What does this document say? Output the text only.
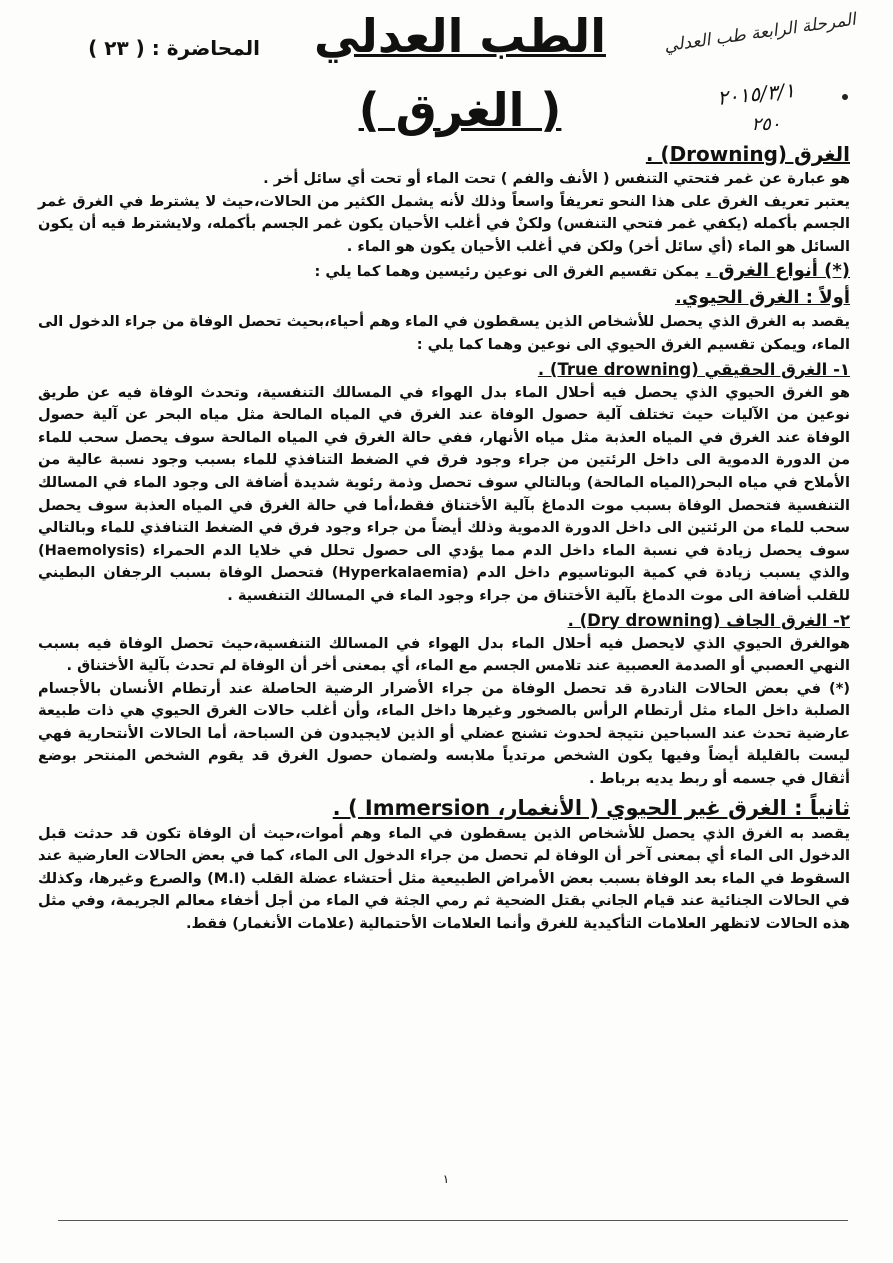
الطب العدلي
( الغرق )
المحاضرة : ( ٢٣ )	المرحلة الرابعة طب العدلي
٢٠١٥/٣/١
٢٥٠

الغرق (Drowning) .

هو عبارة عن غمر فتحتي التنفس ( الأنف والفم ) تحت الماء أو تحت أي سائل أخر .

يعتبر تعريف الغرق على هذا النحو تعريفاً واسعاً وذلك لأنه يشمل الكثير من الحالات،حيث لا يشترط في الغرق غمر الجسم بأكمله (يكفي غمر فتحي التنفس) ولكنْ في أغلب الأحيان يكون غمر الجسم بأكمله، ولايشترط فيه أن يكون السائل هو الماء (أي سائل أخر) ولكن في أغلب الأحيان يكون هو الماء .

(*) أنواع الغرق . يمكن تقسيم الغرق الى نوعين رئيسين وهما كما يلي :

أولاً : الغرق الحيوي.

يقصد به الغرق الذي يحصل للأشخاص الذين يسقطون في الماء وهم أحياء،بحيث تحصل الوفاة من جراء الدخول الى الماء، ويمكن تقسيم الغرق الحيوي الى نوعين وهما كما يلي :

١- الغرق الحقيقي (True drowning) .

هو الغرق الحيوي الذي يحصل فيه أحلال الماء بدل الهواء في المسالك التنفسية، وتحدث الوفاة فيه عن طريق نوعين من الآليات حيث تختلف آلية حصول الوفاة عند الغرق في المياه المالحة مثل مياه البحر عن آلية حصول الوفاة عند الغرق في المياه العذبة مثل مياه الأنهار، ففي حالة الغرق في المياه المالحة سوف يحصل سحب للماء من الدورة الدموية الى داخل الرئتين من جراء وجود فرق في الضغط التنافذي للماء بسبب وجود نسبة عالية من الأملاح في مياه البحر(المياه المالحة) وبالتالي سوف تحصل وذمة رئوية شديدة أضافة الى وجود الماء في المسالك التنفسية فتحصل الوفاة بسبب موت الدماغ بآلية الأختناق فقط،أما في حالة الغرق في المياه العذبة سوف يحصل سحب للماء من الرئتين الى داخل الدورة الدموية وذلك أيضاً من جراء وجود فرق في الضغط التنافذي للماء وبالتالي سوف يحصل زيادة في نسبة الماء داخل الدم مما يؤدي الى حصول تحلل في خلايا الدم الحمراء (Haemolysis) والذي يسبب زيادة في كمية البوتاسيوم داخل الدم (Hyperkalaemia) فتحصل الوفاة بسبب الرجفان البطيني للقلب أضافة الى موت الدماغ بآلية الأختناق من جراء وجود الماء في المسالك التنفسية .

٢- الغرق الجاف (Dry drowning) .

هوالغرق الحيوي الذي لايحصل فيه أحلال الماء بدل الهواء في المسالك التنفسية،حيث تحصل الوفاة فيه بسبب النهي العصبي أو الصدمة العصبية عند تلامس الجسم مع الماء، أي بمعنى أخر أن الوفاة لم تحدث بآلية الأختناق .

(*) في بعض الحالات النادرة قد تحصل الوفاة من جراء الأضرار الرضية الحاصلة عند أرتطام الأنسان بالأجسام الصلبة داخل الماء مثل أرتطام الرأس بالصخور وغيرها داخل الماء، وأن أغلب حالات الغرق الحيوي هي ذات طبيعة عارضية تحدث عند السباحين نتيجة لحدوث تشنج عضلي أو الذين لايجيدون فن السباحة، أما الحالات الأنتحارية فهي ليست بالقليلة أيضاً وفيها يكون الشخص مرتدياً ملابسه ولضمان حصول الغرق قد يقوم الشخص المنتحر بوضع أثقال في جسمه أو ربط يديه برباط .

ثانياً : الغرق غير الحيوي ( الأنغمار، Immersion ) .

يقصد به الغرق الذي يحصل للأشخاص الذين يسقطون في الماء وهم أموات،حيث أن الوفاة تكون قد حدثت قبل الدخول الى الماء أي بمعنى آخر أن الوفاة لم تحصل من جراء الدخول الى الماء، كما في بعض الحالات العارضية عند السقوط في الماء بعد الوفاة بسبب بعض الأمراض الطبيعية مثل أحتشاء عضلة القلب (M.I) والصرع وغيرها، وكذلك في الحالات الجنائية عند قيام الجاني بقتل الضحية ثم رمي الجثة في الماء من أجل أخفاء معالم الجريمة، وفي مثل هذه الحالات لاتظهر العلامات التأكيدية للغرق وأنما العلامات الأحتمالية (علامات الأنغمار) فقط.

١
